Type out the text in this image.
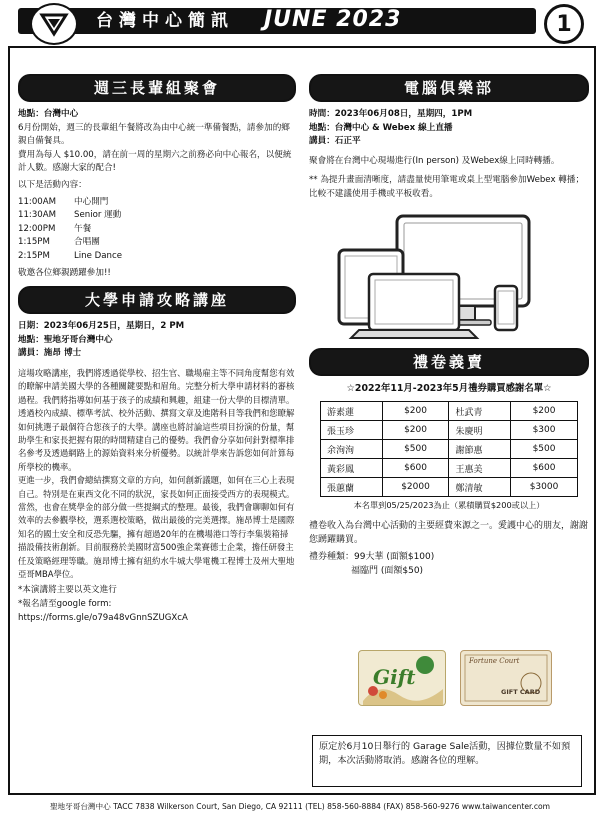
台灣中心簡訊 JUNE 2023	1
週三長輩組聚會

地點：台灣中心

6月份開始，週三的長輩組午餐將改為由中心統一準備餐點，請參加的鄉親自備餐具。

費用為每人 $10.00，請在前一周的星期六之前務必向中心報名，以便統計人數。感謝大家的配合!

以下是活動內容：

11:00AM	中心開門
11:30AM	Senior 運動
12:00PM	午餐
1:15PM	合唱團
2:15PM	Line Dance

敬邀各位鄉親踴躍參加!!

大學申請攻略講座

日期：2023年06月25日，星期日，2 PM

地點：聖地牙哥台灣中心

講員：施昂 博士

這場攻略講座，我們將透過從學校、招生官、職場雇主等不同角度幫您有效的瞭解申請美國大學的各種關鍵要點和眉角。完整分析大學申請材料的審核過程。我們將指導如何基于孩子的成績和興趣，組建一份大學的目標清單。透過校內成績、標準考試、校外活動、撰寫文章及進階科目等我們和您瞭解如何挑選子最個符合您孩子的大學。講座也將討論這些項目扮演的份量，幫助學生和家長把握有限的時間精建自己的優勢。我們會分享如何針對標準排名參考及透過網路上的源始資料來分析優勢。以統計學來告訴您如何計算每所學校的機率。

更進一步，我們會總結撰寫文章的方向，如何創新議題，如何在三心上表現自己。特別是在東西文化不同的狀況，家長如何正面接受西方的表現模式。當然，也會在獎學金的部分做一些提綱式的整理。最後，我們會聊聊如何有效率的去參觀學校，選系選校策略，做出最後的完美選擇。施昂博士是國際知名的國土安全和反恐先驅，擁有超過20年的在機場港口等行李集裝箱掃描設備技術創新。目前服務於美國財富500強企業賽德士企業，擔任研發主任及策略經理等職。施昂博士擁有紐約水牛城大學電機工程博士及州大聖地亞哥MBA學位。

*本演講將主要以英文進行

*報名請至google form:

https://forms.gle/o79a48vGnnSZUGXcA

電腦俱樂部

時間：2023年06月08日，星期四，1PM

地點：台灣中心 & Webex 線上直播

講員：石正平

聚會將在台灣中心現場進行(In person) 及Webex線上同時轉播。

** 為提升畫面清晰度，請盡量使用筆電或桌上型電腦參加Webex 轉播；比較不建議使用手機或平板收看。

禮卷義賣

☆2022年11月-2023年5月禮券購買感謝名單☆

游素蓮	$200	杜武青	$200
張玉珍	$200	朱慶明	$300
余洵洵	$500	謝節惠	$500
黃彩鳳	$600	王惠美	$600
張蕙蘭	$2000	鄭清敏	$3000

本名單到05/25/2023為止（累積購買$200或以上）

禮卷收入為台灣中心活動的主要經費來源之一。愛護中心的朋友，謝謝您踴躍購買。

禮券種類：99大華 (面額$100)

福臨門 (面額$50)

Gift
Fortune Court
GIFT CARD
原定於6月10日舉行的 Garage Sale活動，因據位數量不如預期，本次活動將取消。感謝各位的理解。
聖地牙哥台灣中心 TACC 7838 Wilkerson Court, San Diego, CA 92111 (TEL) 858-560-8884 (FAX) 858-560-9276 www.taiwancenter.com
